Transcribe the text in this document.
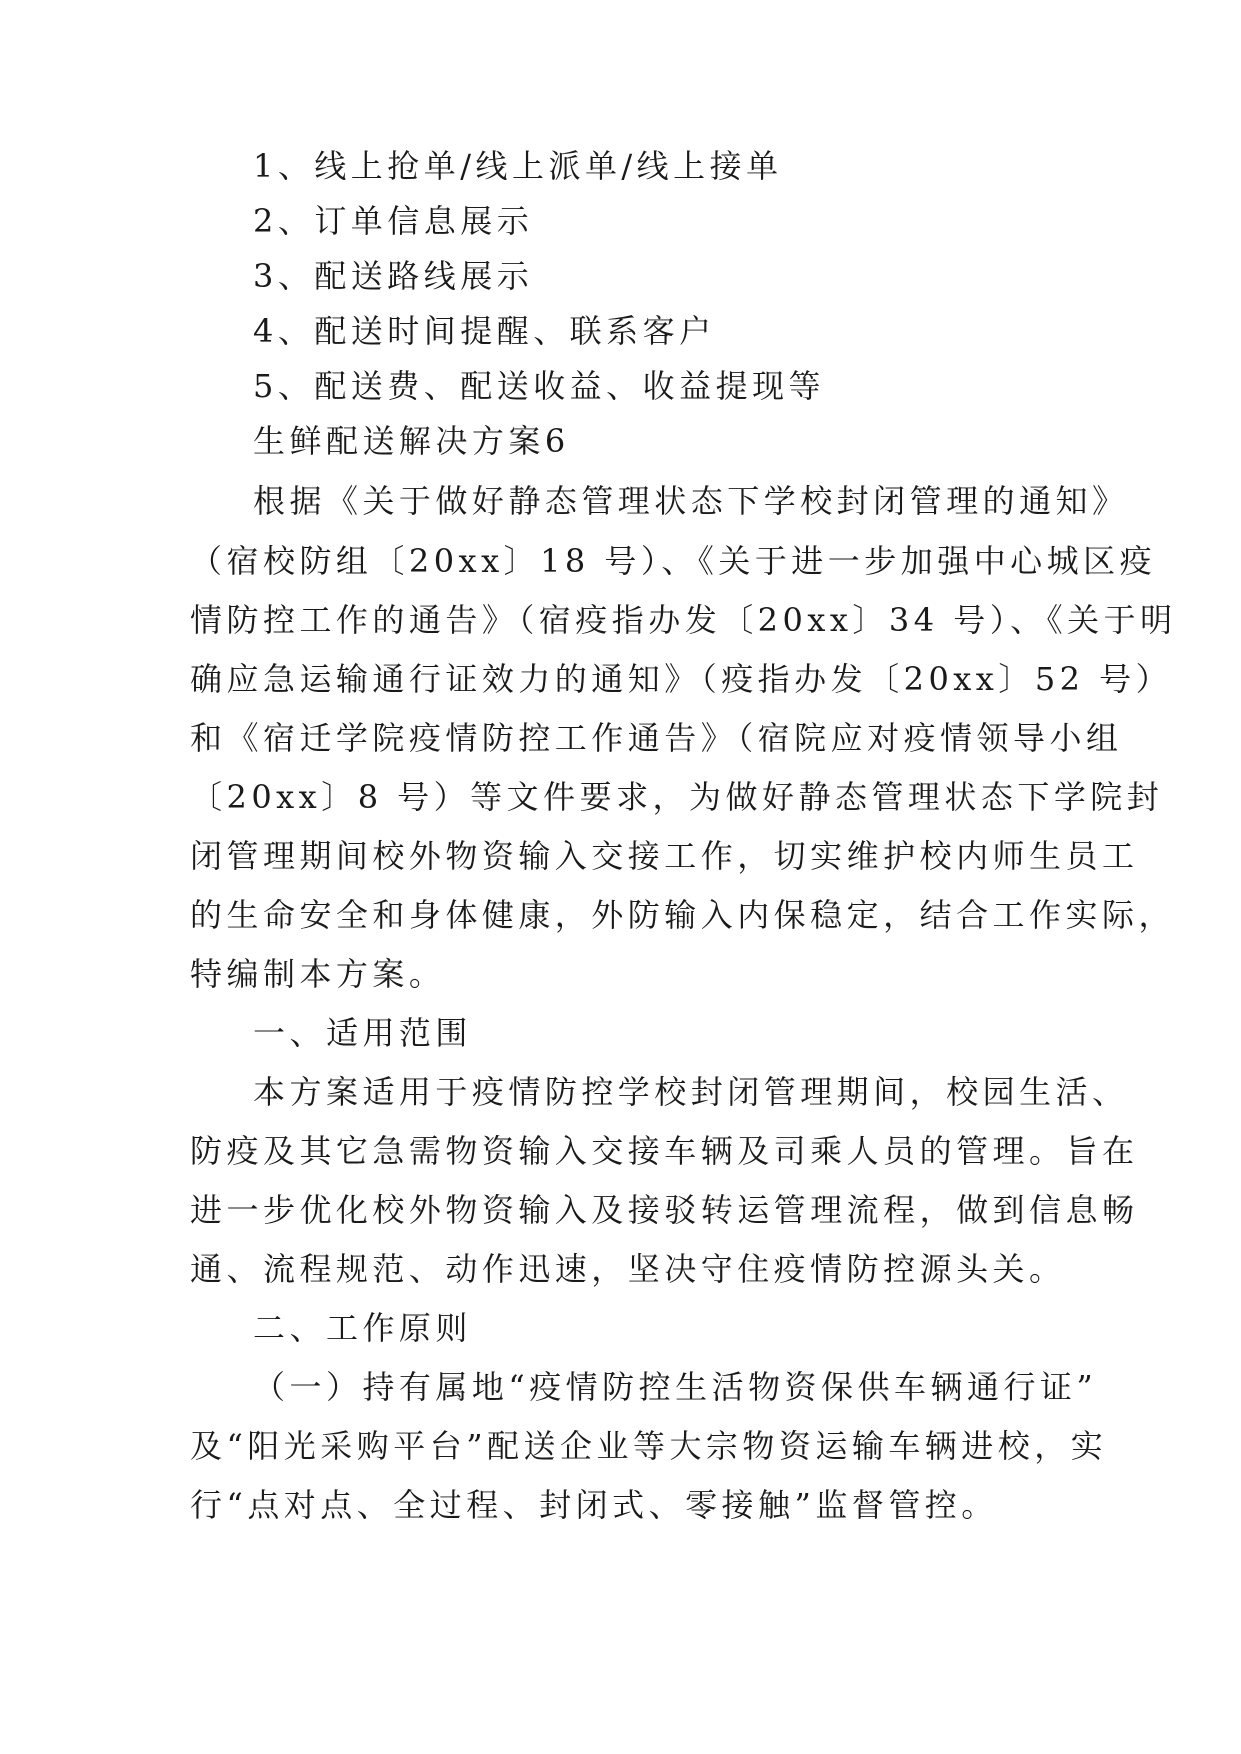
1、线上抢单/线上派单/线上接单
2、订单信息展示
3、配送路线展示
4、配送时间提醒、联系客户
5、配送费、配送收益、收益提现等
生鲜配送解决方案6
根据《关于做好静态管理状态下学校封闭管理的通知》
（宿校防组〔20xx〕18 号）、《关于进一步加强中心城区疫
情防控工作的通告》（宿疫指办发〔20xx〕34 号）、《关于明
确应急运输通行证效力的通知》（疫指办发〔20xx〕52 号）
和《宿迁学院疫情防控工作通告》（宿院应对疫情领导小组
〔20xx〕8 号）等文件要求，为做好静态管理状态下学院封
闭管理期间校外物资输入交接工作，切实维护校内师生员工
的生命安全和身体健康，外防输入内保稳定，结合工作实际，
特编制本方案。
一、适用范围
本方案适用于疫情防控学校封闭管理期间，校园生活、
防疫及其它急需物资输入交接车辆及司乘人员的管理。旨在
进一步优化校外物资输入及接驳转运管理流程，做到信息畅
通、流程规范、动作迅速，坚决守住疫情防控源头关。
二、工作原则
（一）持有属地“疫情防控生活物资保供车辆通行证”
及“阳光采购平台”配送企业等大宗物资运输车辆进校，实
行“点对点、全过程、封闭式、零接触”监督管控。
